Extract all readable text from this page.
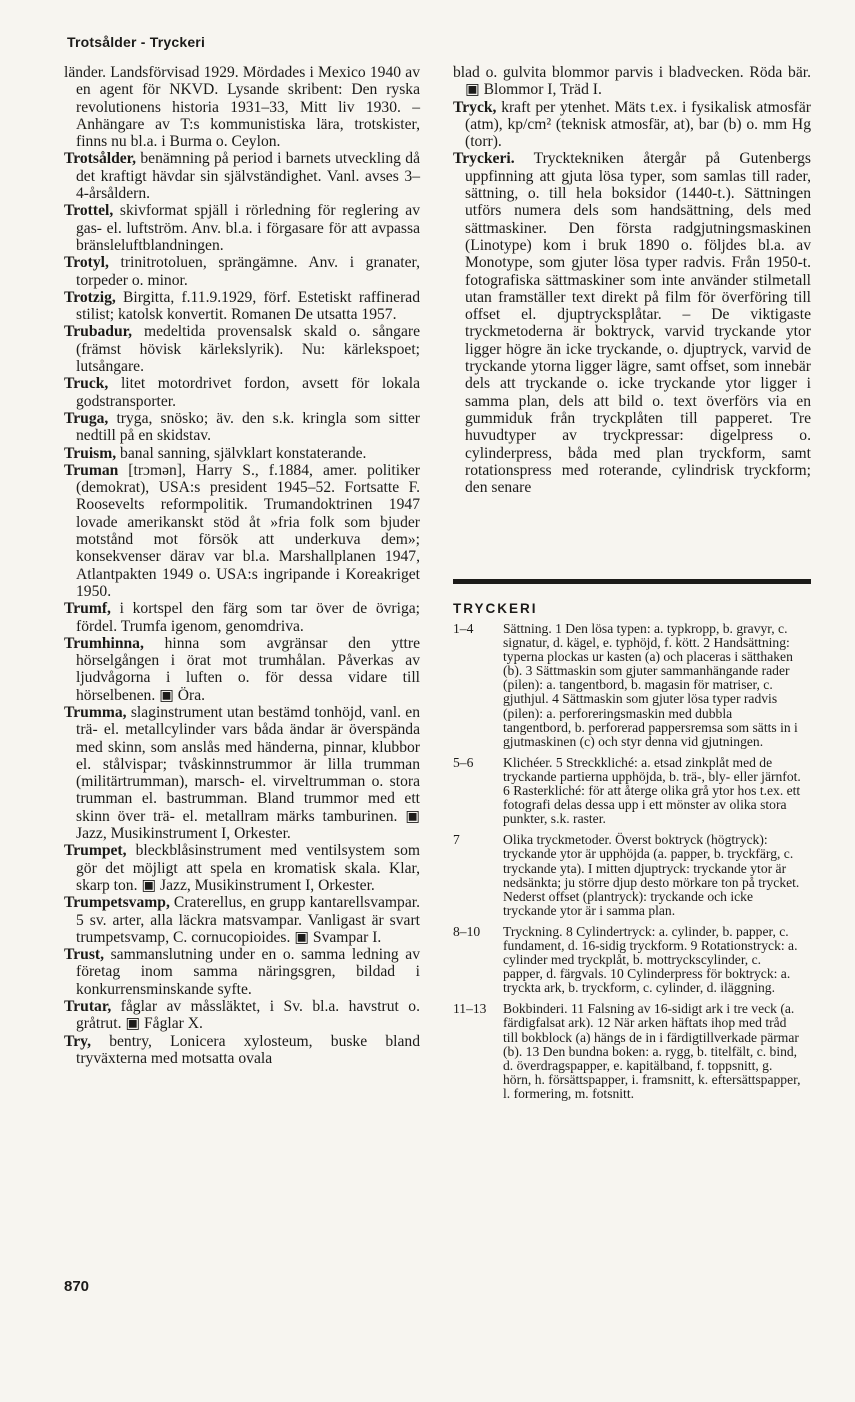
Trotsålder - Tryckeri

länder. Landsförvisad 1929. Mördades i Mexico 1940 av en agent för NKVD. Lysande skribent: Den ryska revolutionens historia 1931–33, Mitt liv 1930. – Anhängare av T:s kommunistiska lära, trotskister, finns nu bl.a. i Burma o. Ceylon.

Trotsålder, benämning på period i barnets utveckling då det kraftigt hävdar sin självständighet. Vanl. avses 3–4-årsåldern.

Trottel, skivformat spjäll i rörledning för reglering av gas- el. luftström. Anv. bl.a. i förgasare för att avpassa bränsleluftblandningen.

Trotyl, trinitrotoluen, sprängämne. Anv. i granater, torpeder o. minor.

Trotzig, Birgitta, f.11.9.1929, förf. Estetiskt raffinerad stilist; katolsk konvertit. Romanen De utsatta 1957.

Trubadur, medeltida provensalsk skald o. sångare (främst hövisk kärlekslyrik). Nu: kärlekspoet; lutsångare.

Truck, litet motordrivet fordon, avsett för lokala godstransporter.

Truga, tryga, snösko; äv. den s.k. kringla som sitter nedtill på en skidstav.

Truism, banal sanning, självklart konstaterande.

Truman [trɔmən], Harry S., f.1884, amer. politiker (demokrat), USA:s president 1945–52. Fortsatte F. Roosevelts reformpolitik. Trumandoktrinen 1947 lovade amerikanskt stöd åt »fria folk som bjuder motstånd mot försök att underkuva dem»; konsekvenser därav var bl.a. Marshallplanen 1947, Atlantpakten 1949 o. USA:s ingripande i Koreakriget 1950.

Trumf, i kortspel den färg som tar över de övriga; fördel. Trumfa igenom, genomdriva.

Trumhinna, hinna som avgränsar den yttre hörselgången i örat mot trumhålan. Påverkas av ljudvågorna i luften o. för dessa vidare till hörselbenen. ▣ Öra.

Trumma, slaginstrument utan bestämd tonhöjd, vanl. en trä- el. metallcylinder vars båda ändar är överspända med skinn, som anslås med händerna, pinnar, klubbor el. stålvispar; tvåskinnstrummor är lilla trumman (militärtrumman), marsch- el. virveltrumman o. stora trumman el. bastrumman. Bland trummor med ett skinn över trä- el. metallram märks tamburinen. ▣ Jazz, Musikinstrument I, Orkester.

Trumpet, bleckblåsinstrument med ventilsystem som gör det möjligt att spela en kromatisk skala. Klar, skarp ton. ▣ Jazz, Musikinstrument I, Orkester.

Trumpetsvamp, Craterellus, en grupp kantarellsvampar. 5 sv. arter, alla läckra matsvampar. Vanligast är svart trumpetsvamp, C. cornucopioides. ▣ Svampar I.

Trust, sammanslutning under en o. samma ledning av företag inom samma näringsgren, bildad i konkurrensminskande syfte.

Trutar, fåglar av måssläktet, i Sv. bl.a. havstrut o. gråtrut. ▣ Fåglar X.

Try, bentry, Lonicera xylosteum, buske bland tryväxterna med motsatta ovala

blad o. gulvita blommor parvis i bladvecken. Röda bär. ▣ Blommor I, Träd I.

Tryck, kraft per ytenhet. Mäts t.ex. i fysikalisk atmosfär (atm), kp/cm² (teknisk atmosfär, at), bar (b) o. mm Hg (torr).

Tryckeri. Trycktekniken återgår på Gutenbergs uppfinning att gjuta lösa typer, som samlas till rader, sättning, o. till hela boksidor (1440-t.). Sättningen utförs numera dels som handsättning, dels med sättmaskiner. Den första radgjutningsmaskinen (Linotype) kom i bruk 1890 o. följdes bl.a. av Monotype, som gjuter lösa typer radvis. Från 1950-t. fotografiska sättmaskiner som inte använder stilmetall utan framställer text direkt på film för överföring till offset el. djuptrycksplåtar. – De viktigaste tryckmetoderna är boktryck, varvid tryckande ytor ligger högre än icke tryckande, o. djuptryck, varvid de tryckande ytorna ligger lägre, samt offset, som innebär dels att tryckande o. icke tryckande ytor ligger i samma plan, dels att bild o. text överförs via en gummiduk från tryckplåten till papperet. Tre huvudtyper av tryckpressar: digelpress o. cylinderpress, båda med plan tryckform, samt rotationspress med roterande, cylindrisk tryckform; den senare

TRYCKERI
1–4	Sättning. 1 Den lösa typen: a. typkropp, b. gravyr, c. signatur, d. kägel, e. typhöjd, f. kött. 2 Handsättning: typerna plockas ur kasten (a) och placeras i sätthaken (b). 3 Sättmaskin som gjuter sammanhängande rader (pilen): a. tangentbord, b. magasin för matriser, c. gjuthjul. 4 Sättmaskin som gjuter lösa typer radvis (pilen): a. perforeringsmaskin med dubbla tangentbord, b. perforerad pappersremsa som sätts in i gjutmaskinen (c) och styr denna vid gjutningen.
5–6	Klichéer. 5 Streckkliché: a. etsad zinkplåt med de tryckande partierna upphöjda, b. trä-, bly- eller järnfot. 6 Rasterkliché: för att återge olika grå ytor hos t.ex. ett fotografi delas dessa upp i ett mönster av olika stora punkter, s.k. raster.
7	Olika tryckmetoder. Överst boktryck (högtryck): tryckande ytor är upphöjda (a. papper, b. tryckfärg, c. tryckande yta). I mitten djuptryck: tryckande ytor är nedsänkta; ju större djup desto mörkare ton på trycket. Nederst offset (plantryck): tryckande och icke tryckande ytor är i samma plan.
8–10	Tryckning. 8 Cylindertryck: a. cylinder, b. papper, c. fundament, d. 16-sidig tryckform. 9 Rotationstryck: a. cylinder med tryckplåt, b. mottryckscylinder, c. papper, d. färgvals. 10 Cylinderpress för boktryck: a. tryckta ark, b. tryckform, c. cylinder, d. iläggning.
11–13	Bokbinderi. 11 Falsning av 16-sidigt ark i tre veck (a. färdigfalsat ark). 12 När arken häftats ihop med tråd till bokblock (a) hängs de in i färdigtillverkade pärmar (b). 13 Den bundna boken: a. rygg, b. titelfält, c. bind, d. överdragspapper, e. kapitälband, f. toppsnitt, g. hörn, h. försättspapper, i. framsnitt, k. eftersättspapper, l. formering, m. fotsnitt.
870
